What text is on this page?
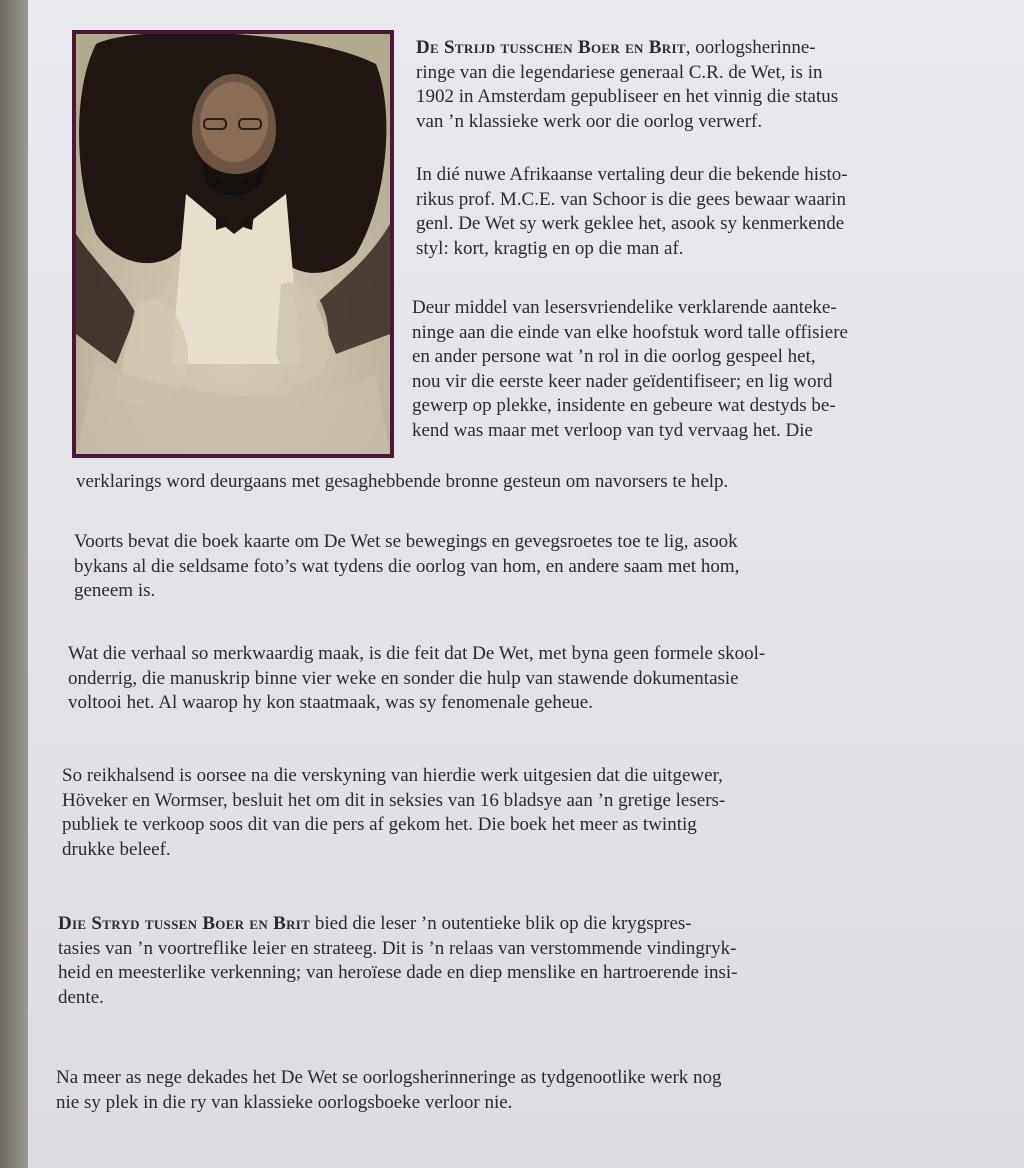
De Strijd tusschen Boer en Brit, oorlogsherinne-
ringe van die legendariese generaal C.R. de Wet, is in
1902 in Amsterdam gepubliseer en het vinnig die status
van ’n klassieke werk oor die oorlog verwerf.

In dié nuwe Afrikaanse vertaling deur die bekende histo-
rikus prof. M.C.E. van Schoor is die gees bewaar waarin
genl. De Wet sy werk geklee het, asook sy kenmerkende
styl: kort, kragtig en op die man af.

Deur middel van lesersvriendelike verklarende aanteke-
ninge aan die einde van elke hoofstuk word talle offisiere
en ander persone wat ’n rol in die oorlog gespeel het,
nou vir die eerste keer nader geïdentifiseer; en lig word
gewerp op plekke, insidente en gebeure wat destyds be-
kend was maar met verloop van tyd vervaag het. Die

verklarings word deurgaans met gesaghebbende bronne gesteun om navorsers te help.

Voorts bevat die boek kaarte om De Wet se bewegings en gevegsroetes toe te lig, asook
bykans al die seldsame foto’s wat tydens die oorlog van hom, en andere saam met hom,
geneem is.

Wat die verhaal so merkwaardig maak, is die feit dat De Wet, met byna geen formele skool-
onderrig, die manuskrip binne vier weke en sonder die hulp van stawende dokumentasie
voltooi het. Al waarop hy kon staatmaak, was sy fenomenale geheue.

So reikhalsend is oorsee na die verskyning van hierdie werk uitgesien dat die uitgewer,
Höveker en Wormser, besluit het om dit in seksies van 16 bladsye aan ’n gretige lesers-
publiek te verkoop soos dit van die pers af gekom het. Die boek het meer as twintig
drukke beleef.

Die Stryd tussen Boer en Brit bied die leser ’n outentieke blik op die krygspres-
tasies van ’n voortreflike leier en strateeg. Dit is ’n relaas van verstommende vindingryk-
heid en meesterlike verkenning; van heroïese dade en diep menslike en hartroerende insi-
dente.

Na meer as nege dekades het De Wet se oorlogsherinneringe as tydgenootlike werk nog
nie sy plek in die ry van klassieke oorlogsboeke verloor nie.
